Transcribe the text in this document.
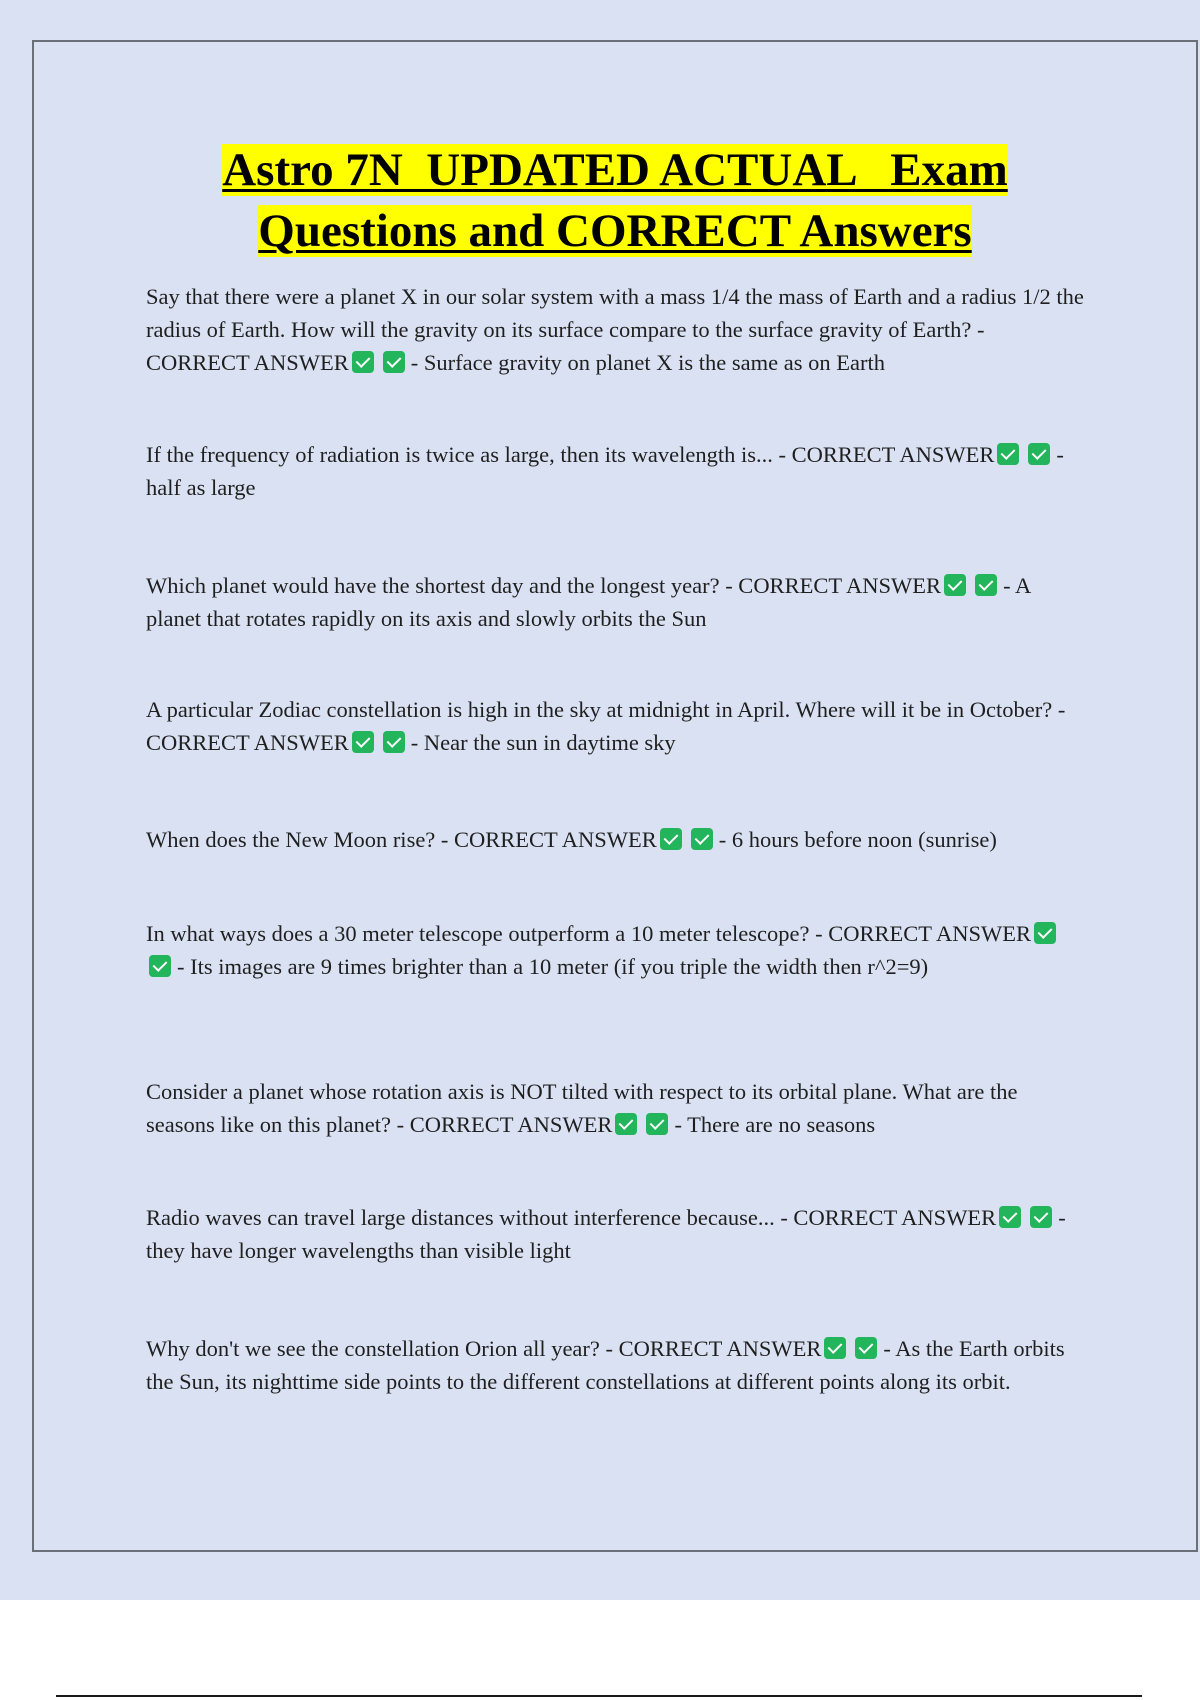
Astro 7N  UPDATED ACTUAL   Exam
Questions and CORRECT Answers
Say that there were a planet X in our solar system with a mass 1/4 the mass of Earth and a radius 1/2 the radius of Earth. How will the gravity on its surface compare to the surface gravity of Earth? - CORRECT ANSWER	- Surface gravity on planet X is the same as on Earth
If the frequency of radiation is twice as large, then its wavelength is... - CORRECT ANSWER	- half as large
Which planet would have the shortest day and the longest year? - CORRECT ANSWER	- A planet that rotates rapidly on its axis and slowly orbits the Sun
A particular Zodiac constellation is high in the sky at midnight in April. Where will it be in October? - CORRECT ANSWER	- Near the sun in daytime sky
When does the New Moon rise? - CORRECT ANSWER	- 6 hours before noon (sunrise)
In what ways does a 30 meter telescope outperform a 10 meter telescope? - CORRECT ANSWER- Its images are 9 times brighter than a 10 meter (if you triple the width then r^2=9)
Consider a planet whose rotation axis is NOT tilted with respect to its orbital plane. What are the seasons like on this planet? - CORRECT ANSWER	- There are no seasons
Radio waves can travel large distances without interference because... - CORRECT ANSWER	- they have longer wavelengths than visible light
Why don't we see the constellation Orion all year? - CORRECT ANSWER	- As the Earth orbits the Sun, its nighttime side points to the different constellations at different points along its orbit.
